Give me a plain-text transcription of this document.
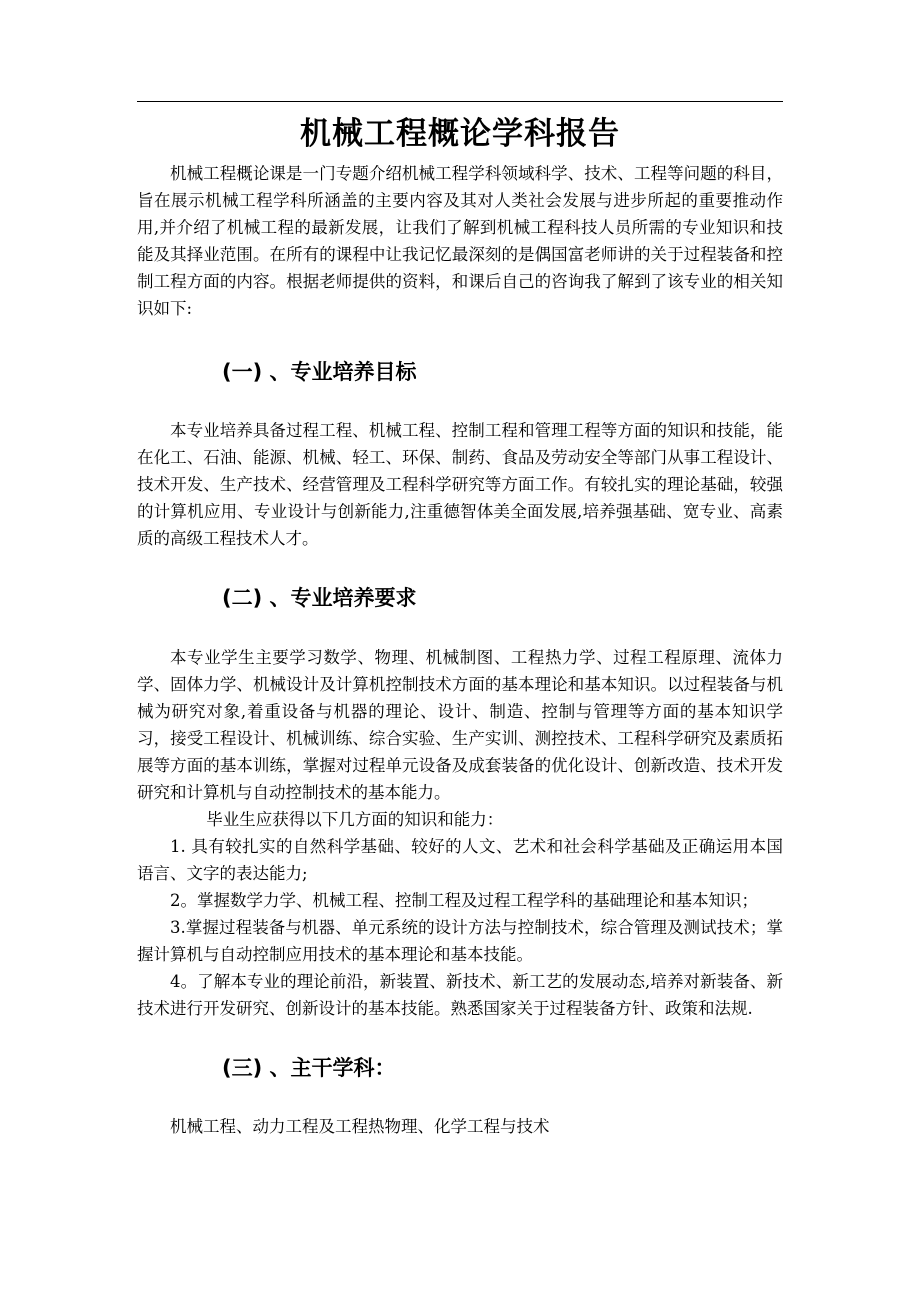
机械工程概论学科报告

机械工程概论课是一门专题介绍机械工程学科领域科学、技术、工程等问题的科目，旨在展示机械工程学科所涵盖的主要内容及其对人类社会发展与进步所起的重要推动作用,并介绍了机械工程的最新发展，让我们了解到机械工程科技人员所需的专业知识和技能及其择业范围。在所有的课程中让我记忆最深刻的是偶国富老师讲的关于过程装备和控制工程方面的内容。根据老师提供的资料，和课后自己的咨询我了解到了该专业的相关知识如下:

(一) 、专业培养目标

本专业培养具备过程工程、机械工程、控制工程和管理工程等方面的知识和技能，能在化工、石油、能源、机械、轻工、环保、制药、食品及劳动安全等部门从事工程设计、技术开发、生产技术、经营管理及工程科学研究等方面工作。有较扎实的理论基础，较强的计算机应用、专业设计与创新能力,注重德智体美全面发展,培养强基础、宽专业、高素质的高级工程技术人才。

(二) 、专业培养要求

本专业学生主要学习数学、物理、机械制图、工程热力学、过程工程原理、流体力学、固体力学、机械设计及计算机控制技术方面的基本理论和基本知识。以过程装备与机械为研究对象,着重设备与机器的理论、设计、制造、控制与管理等方面的基本知识学习，接受工程设计、机械训练、综合实验、生产实训、测控技术、工程科学研究及素质拓展等方面的基本训练，掌握对过程单元设备及成套装备的优化设计、创新改造、技术开发研究和计算机与自动控制技术的基本能力。

毕业生应获得以下几方面的知识和能力：

1. 具有较扎实的自然科学基础、较好的人文、艺术和社会科学基础及正确运用本国语言、文字的表达能力;

2。掌握数学力学、机械工程、控制工程及过程工程学科的基础理论和基本知识；

3.掌握过程装备与机器、单元系统的设计方法与控制技术，综合管理及测试技术；掌握计算机与自动控制应用技术的基本理论和基本技能。

4。了解本专业的理论前沿，新装置、新技术、新工艺的发展动态,培养对新装备、新技术进行开发研究、创新设计的基本技能。熟悉国家关于过程装备方针、政策和法规.

(三) 、主干学科：

机械工程、动力工程及工程热物理、化学工程与技术
